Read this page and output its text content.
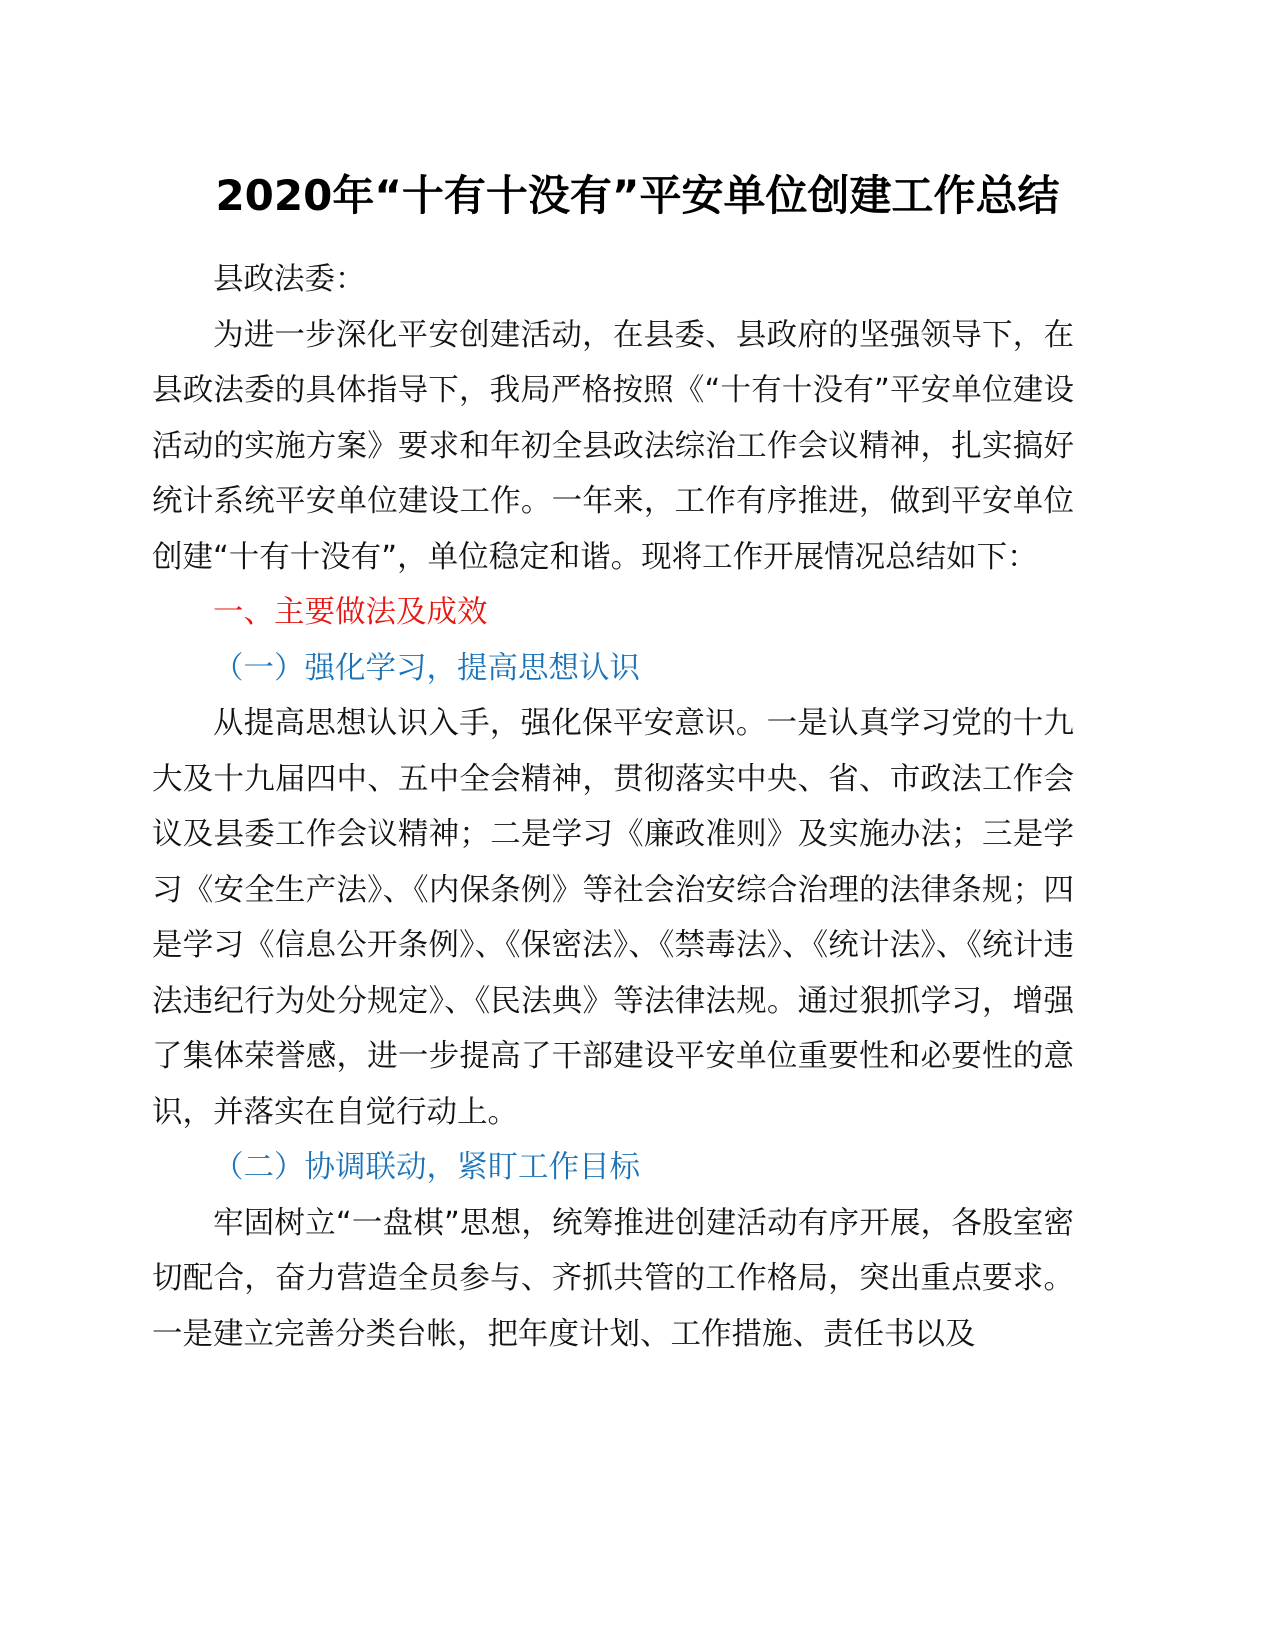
2020年“十有十没有”平安单位创建工作总结

县政法委：

为进一步深化平安创建活动，在县委、县政府的坚强领导下，在县政法委的具体指导下，我局严格按照《“十有十没有”平安单位建设活动的实施方案》要求和年初全县政法综治工作会议精神，扎实搞好统计系统平安单位建设工作。一年来，工作有序推进，做到平安单位创建“十有十没有”，单位稳定和谐。现将工作开展情况总结如下：

一、主要做法及成效

（一）强化学习，提高思想认识

从提高思想认识入手，强化保平安意识。一是认真学习党的十九大及十九届四中、五中全会精神，贯彻落实中央、省、市政法工作会议及县委工作会议精神；二是学习《廉政准则》及实施办法；三是学习《安全生产法》、《内保条例》等社会治安综合治理的法律条规；四是学习《信息公开条例》、《保密法》、《禁毒法》、《统计法》、《统计违法违纪行为处分规定》、《民法典》等法律法规。通过狠抓学习，增强了集体荣誉感，进一步提高了干部建设平安单位重要性和必要性的意识，并落实在自觉行动上。

（二）协调联动，紧盯工作目标

牢固树立“一盘棋”思想，统筹推进创建活动有序开展，各股室密切配合，奋力营造全员参与、齐抓共管的工作格局，突出重点要求。一是建立完善分类台帐，把年度计划、工作措施、责任书以及
